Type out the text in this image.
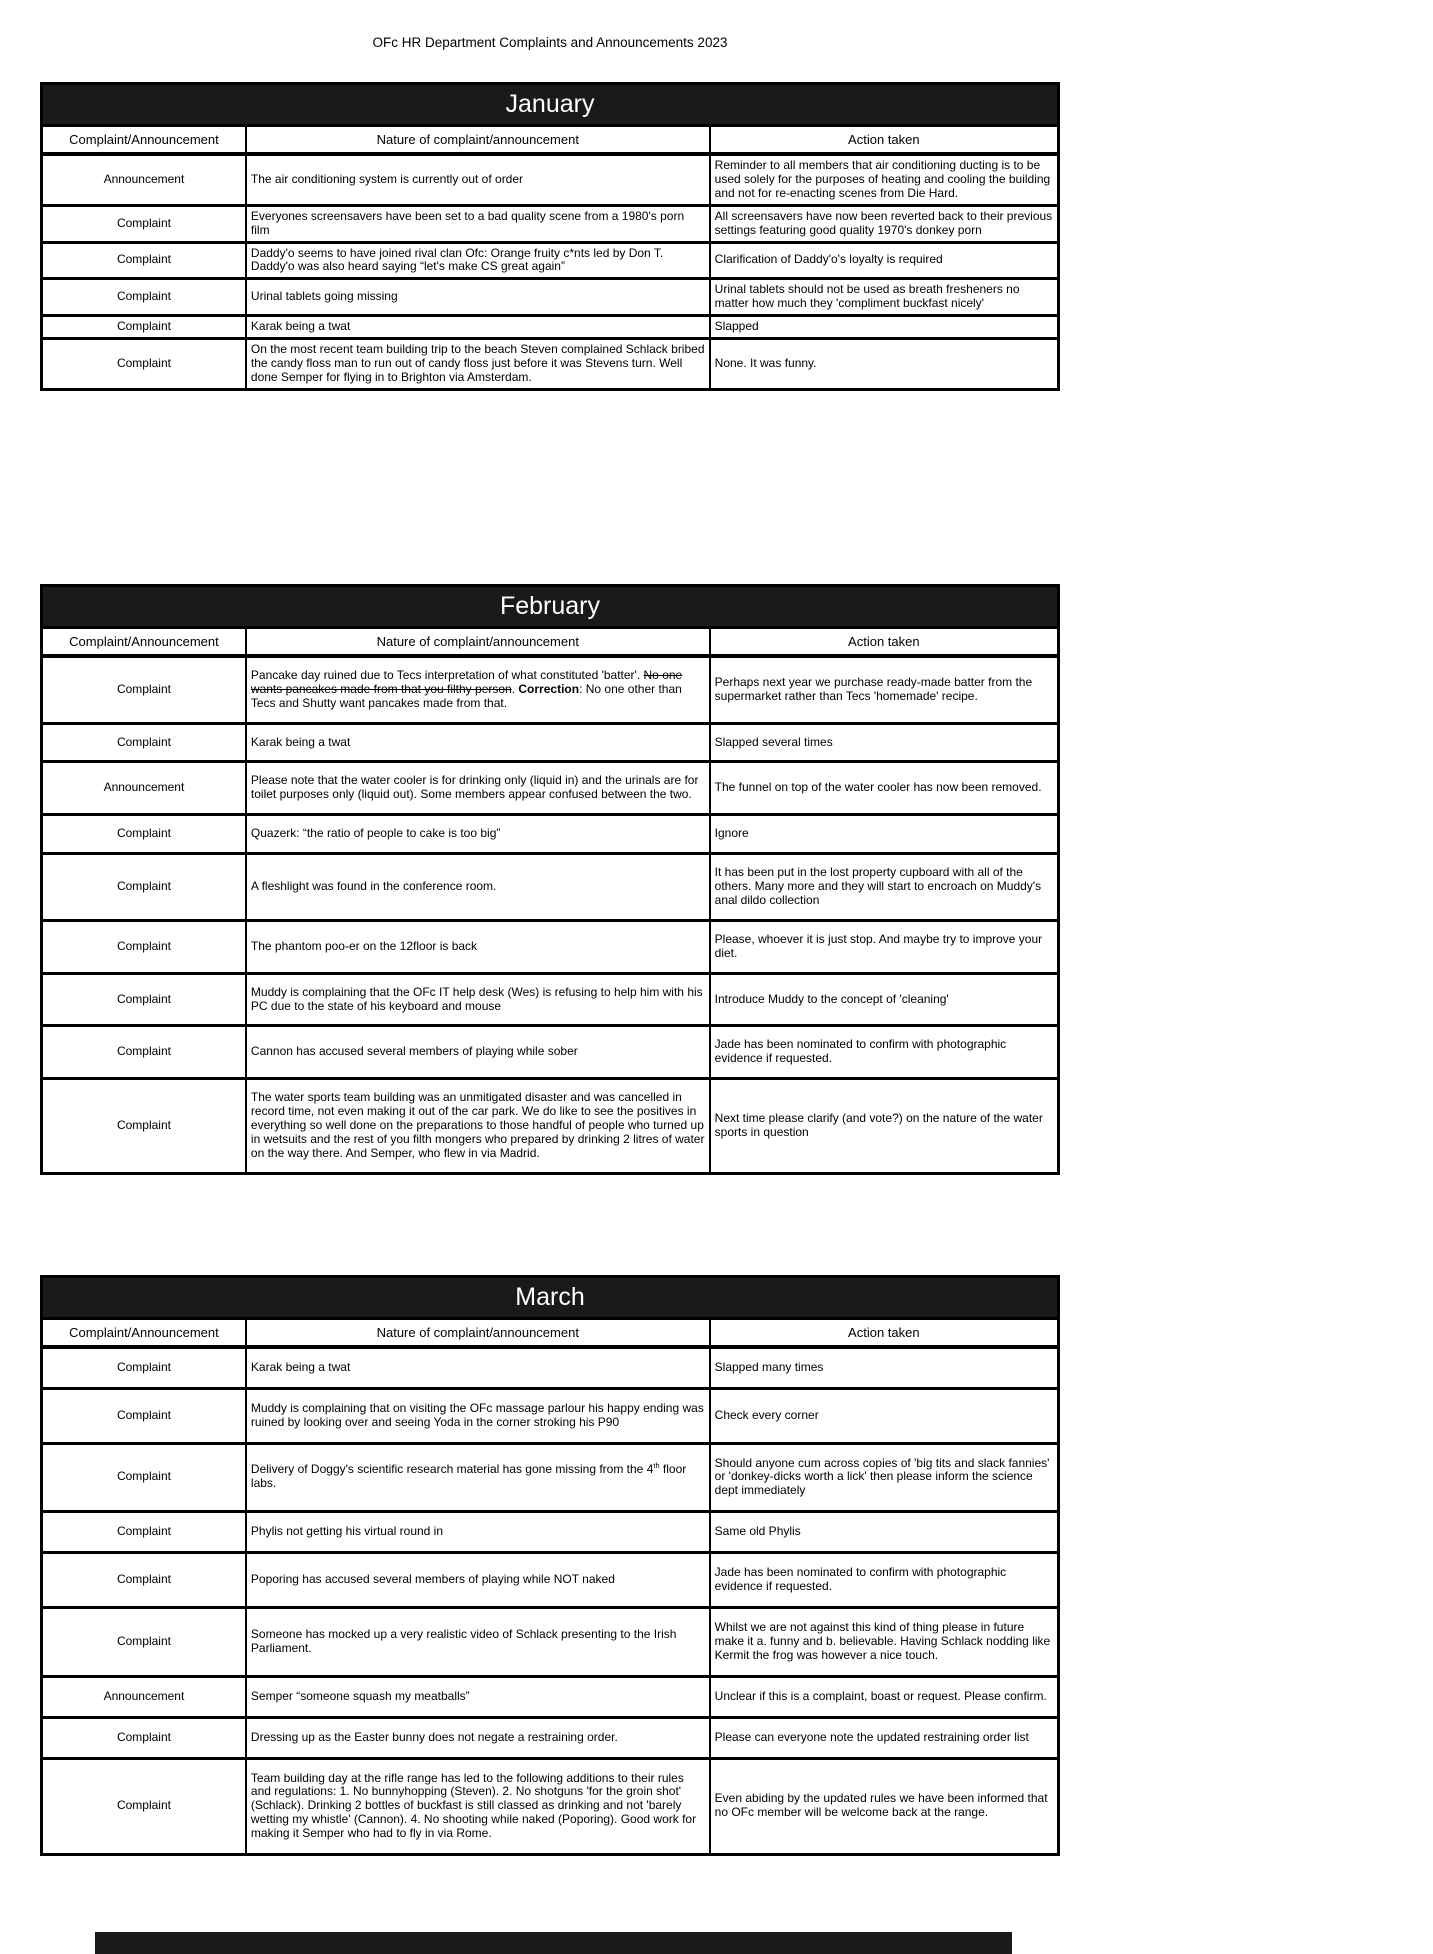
OFc HR Department Complaints and Announcements 2023
January		
Complaint/Announcement	Nature of complaint/announcement	Action taken
Announcement	The air conditioning system is currently out of order	Reminder to all members that air conditioning ducting is to be used solely for the purposes of heating and cooling the building and not for re-enacting scenes from Die Hard.
Complaint	Everyones screensavers have been set to a bad quality scene from a 1980's porn film	All screensavers have now been reverted back to their previous settings featuring good quality 1970's donkey porn
Complaint	Daddy'o seems to have joined rival clan Ofc: Orange fruity c*nts led by Don T. Daddy'o was also heard saying “let's make CS great again”	Clarification of Daddy'o's loyalty is required
Complaint	Urinal tablets going missing	Urinal tablets should not be used as breath fresheners no matter how much they 'compliment buckfast nicely'
Complaint	Karak being a twat	Slapped
Complaint	On the most recent team building trip to the beach Steven complained Schlack bribed the candy floss man to run out of candy floss just before it was Stevens turn. Well done Semper for flying in to Brighton via Amsterdam.	None. It was funny.
February		
Complaint/Announcement	Nature of complaint/announcement	Action taken
Complaint	Pancake day ruined due to Tecs interpretation of what constituted 'batter'. No one wants pancakes made from that you filthy person. Correction: No one other than Tecs and Shutty want pancakes made from that.	Perhaps next year we purchase ready-made batter from the supermarket rather than Tecs 'homemade' recipe.
Complaint	Karak being a twat	Slapped several times
Announcement	Please note that the water cooler is for drinking only (liquid in) and the urinals are for toilet purposes only (liquid out). Some members appear confused between the two.	The funnel on top of the water cooler has now been removed.
Complaint	Quazerk: “the ratio of people to cake is too big”	Ignore
Complaint	A fleshlight was found in the conference room.	It has been put in the lost property cupboard with all of the others. Many more and they will start to encroach on Muddy's anal dildo collection
Complaint	The phantom poo-er on the 12floor is back	Please, whoever it is just stop. And maybe try to improve your diet.
Complaint	Muddy is complaining that the OFc IT help desk (Wes) is refusing to help him with his PC due to the state of his keyboard and mouse	Introduce Muddy to the concept of 'cleaning'
Complaint	Cannon has accused several members of playing while sober	Jade has been nominated to confirm with photographic evidence if requested.
Complaint	The water sports team building was an unmitigated disaster and was cancelled in record time, not even making it out of the car park. We do like to see the positives in everything so well done on the preparations to those handful of people who turned up in wetsuits and the rest of you filth mongers who prepared by drinking 2 litres of water on the way there. And Semper, who flew in via Madrid.	Next time please clarify (and vote?) on the nature of the water sports in question
March		
Complaint/Announcement	Nature of complaint/announcement	Action taken
Complaint	Karak being a twat	Slapped many times
Complaint	Muddy is complaining that on visiting the OFc massage parlour his happy ending was ruined by looking over and seeing Yoda in the corner stroking his P90	Check every corner
Complaint	Delivery of Doggy's scientific research material has gone missing from the 4th floor labs.	Should anyone cum across copies of 'big tits and slack fannies' or 'donkey-dicks worth a lick' then please inform the science dept immediately
Complaint	Phylis not getting his virtual round in	Same old Phylis
Complaint	Poporing has accused several members of playing while NOT naked	Jade has been nominated to confirm with photographic evidence if requested.
Complaint	Someone has mocked up a very realistic video of Schlack presenting to the Irish Parliament.	Whilst we are not against this kind of thing please in future make it a. funny and b. believable. Having Schlack nodding like Kermit the frog was however a nice touch.
Announcement	Semper “someone squash my meatballs”	Unclear if this is a complaint, boast or request. Please confirm.
Complaint	Dressing up as the Easter bunny does not negate a restraining order.	Please can everyone note the updated restraining order list
Complaint	Team building day at the rifle range has led to the following additions to their rules and regulations: 1. No bunnyhopping (Steven). 2. No shotguns 'for the groin shot' (Schlack). Drinking 2 bottles of buckfast is still classed as drinking and not 'barely wetting my whistle' (Cannon). 4. No shooting while naked (Poporing). Good work for making it Semper who had to fly in via Rome.	Even abiding by the updated rules we have been informed that no OFc member will be welcome back at the range.
